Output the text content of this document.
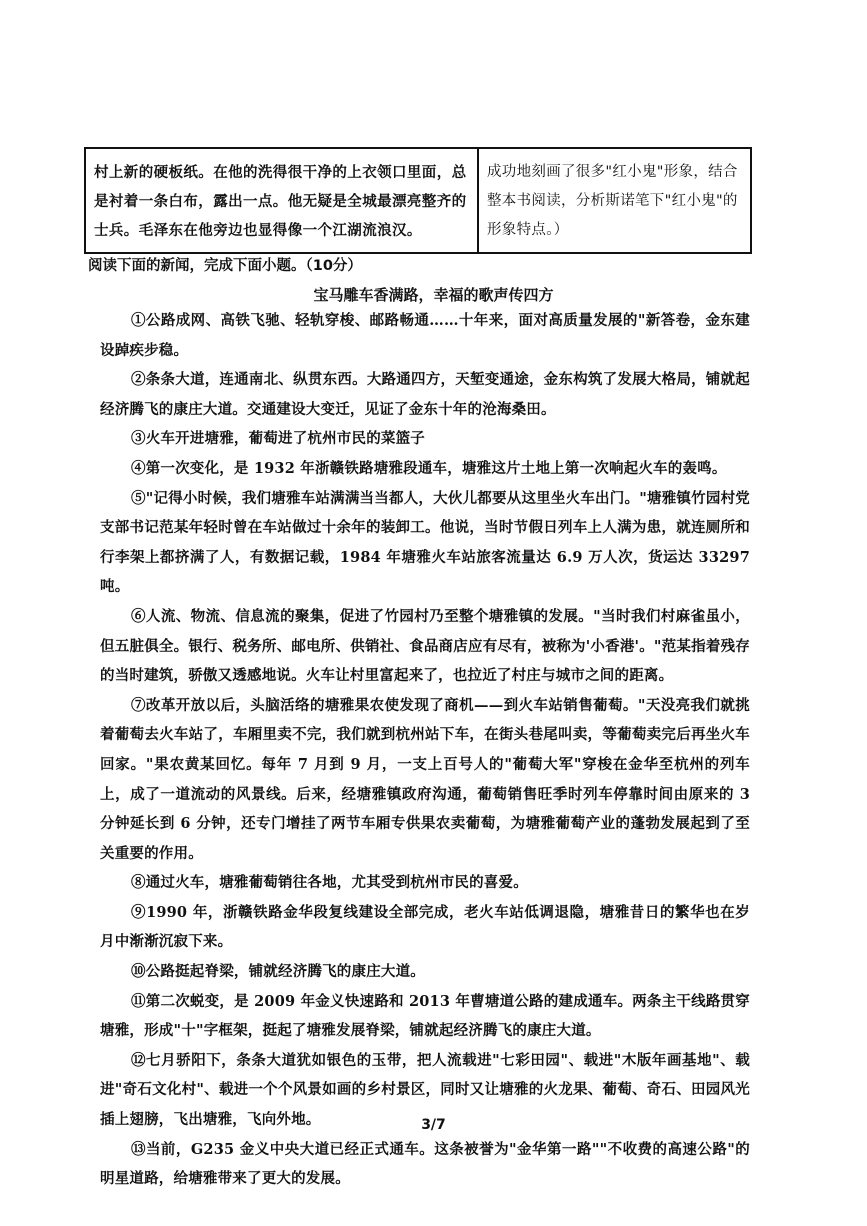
村上新的硬板纸。在他的洗得很干净的上衣领口里面，总是衬着一条白布，露出一点。他无疑是全城最漂亮整齐的士兵。毛泽东在他旁边也显得像一个江湖流浪汉。
成功地刻画了很多"红小鬼"形象，结合整本书阅读，分析斯诺笔下"红小鬼"的形象特点。）
阅读下面的新闻，完成下面小题。（10分）
宝马雕车香满路，幸福的歌声传四方

①公路成网、高铁飞驰、轻轨穿梭、邮路畅通……十年来，面对高质量发展的"新答卷，金东建设踔疾步稳。

②条条大道，连通南北、纵贯东西。大路通四方，天堑变通途，金东构筑了发展大格局，铺就起经济腾飞的康庄大道。交通建设大变迁，见证了金东十年的沧海桑田。

③火车开进塘雅，葡萄进了杭州市民的菜篮子

④第一次变化，是 1932 年浙赣铁路塘雅段通车，塘雅这片土地上第一次响起火车的轰鸣。

⑤"记得小时候，我们塘雅车站满满当当都人，大伙儿都要从这里坐火车出门。"塘雅镇竹园村党支部书记范某年轻时曾在车站做过十余年的装卸工。他说，当时节假日列车上人满为患，就连厕所和行李架上都挤满了人，有数据记载，1984 年塘雅火车站旅客流量达 6.9 万人次，货运达 33297 吨。

⑥人流、物流、信息流的聚集，促进了竹园村乃至整个塘雅镇的发展。"当时我们村麻雀虽小，但五脏俱全。银行、税务所、邮电所、供销社、食品商店应有尽有，被称为'小香港'。"范某指着残存的当时建筑，骄傲又透感地说。火车让村里富起来了，也拉近了村庄与城市之间的距离。

⑦改革开放以后，头脑活络的塘雅果农使发现了商机——到火车站销售葡萄。"天没亮我们就挑着葡萄去火车站了，车厢里卖不完，我们就到杭州站下车，在街头巷尾叫卖，等葡萄卖完后再坐火车回家。"果农黄某回忆。每年 7 月到 9 月，一支上百号人的"葡萄大军"穿梭在金华至杭州的列车上，成了一道流动的风景线。后来，经塘雅镇政府沟通，葡萄销售旺季时列车停靠时间由原来的 3 分钟延长到 6 分钟，还专门增挂了两节车厢专供果农卖葡萄，为塘雅葡萄产业的蓬勃发展起到了至关重要的作用。

⑧通过火车，塘雅葡萄销往各地，尤其受到杭州市民的喜爱。

⑨1990 年，浙赣铁路金华段复线建设全部完成，老火车站低调退隐，塘雅昔日的繁华也在岁月中渐渐沉寂下来。

⑩公路挺起脊梁，铺就经济腾飞的康庄大道。

⑪第二次蜕变，是 2009 年金义快速路和 2013 年曹塘道公路的建成通车。两条主干线路贯穿塘雅，形成"十"字框架，挺起了塘雅发展脊梁，铺就起经济腾飞的康庄大道。

⑫七月骄阳下，条条大道犹如银色的玉带，把人流载进"七彩田园"、载进"木版年画基地"、载进"奇石文化村"、载进一个个风景如画的乡村景区，同时又让塘雅的火龙果、葡萄、奇石、田园风光插上翅膀，飞出塘雅，飞向外地。

⑬当前，G235 金义中央大道已经正式通车。这条被誉为"金华第一路""不收费的高速公路"的明星道路，给塘雅带来了更大的发展。

3/7
